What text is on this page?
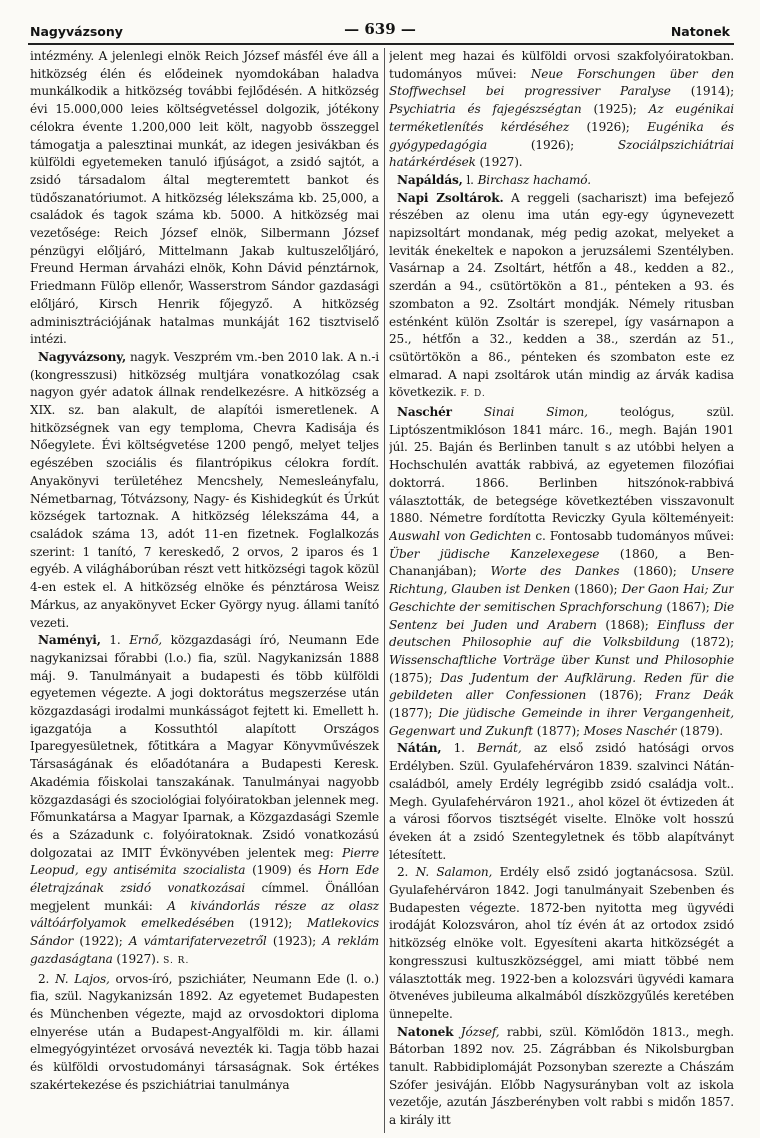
Nagyvázsony	— 639 —	Natonek

intézmény. A jelenlegi elnök Reich József másfél éve áll a hitközség élén és elődeinek nyomdokában haladva munkálkodik a hitközség további fejlődésén. A hitközség évi 15.000,000 leies költségvetéssel dolgozik, jótékony célokra évente 1.200,000 leit költ, nagyobb összeggel támogatja a palesztinai munkát, az idegen jesivákban és külföldi egyetemeken tanuló ifjúságot, a zsidó sajtót, a zsidó társadalom által megteremtett bankot és tüdőszanatóriumot. A hitközség lélekszáma kb. 25,000, a családok és tagok száma kb. 5000. A hitközség mai vezetősége: Reich József elnök, Silbermann József pénzügyi előljáró, Mittelmann Jakab kultuszelőljáró, Freund Herman árvaházi elnök, Kohn Dávid pénztárnok, Friedmann Fülöp ellenőr, Wasserstrom Sándor gazdasági előljáró, Kirsch Henrik főjegyző. A hitközség adminisztrációjának hatalmas munkáját 162 tisztviselő intézi.

Nagyvázsony, nagyk. Veszprém vm.-ben 2010 lak. A n.-i (kongresszusi) hitközség multjára vonatkozólag csak nagyon gyér adatok állnak rendelkezésre. A hitközség a XIX. sz. ban alakult, de alapítói ismeretlenek. A hitközségnek van egy temploma, Chevra Kadisája és Nőegylete. Évi költségvetése 1200 pengő, melyet teljes egészében szociális és filantrópikus célokra fordít. Anyakönyvi területéhez Mencshely, Nemesleányfalu, Németbarnag, Tótvázsony, Nagy- és Kishidegkút és Úrkút községek tartoznak. A hitközség lélekszáma 44, a családok száma 13, adót 11-en fizetnek. Foglalkozás szerint: 1 tanító, 7 kereskedő, 2 orvos, 2 iparos és 1 egyéb. A világháborúban részt vett hitközségi tagok közül 4-en estek el. A hitközség elnöke és pénztárosa Weisz Márkus, az anyakönyvet Ecker György nyug. állami tanító vezeti.

Naményi, 1. Ernő, közgazdasági író, Neumann Ede nagykanizsai főrabbi (l.o.) fia, szül. Nagykanizsán 1888 máj. 9. Tanulmányait a budapesti és több külföldi egyetemen végezte. A jogi doktorátus megszerzése után közgazdasági irodalmi munkásságot fejtett ki. Emellett h. igazgatója a Kossuthtól alapított Országos Iparegyesületnek, főtitkára a Magyar Könyvművészek Társaságának és előadótanára a Budapesti Keresk. Akadémia főiskolai tanszakának. Tanulmányai nagyobb közgazdasági és szociológiai folyóiratokban jelennek meg. Főmunkatársa a Magyar Iparnak, a Közgazdasági Szemle és a Századunk c. folyóiratoknak. Zsidó vonatkozású dolgozatai az IMIT Évkönyvében jelentek meg: Pierre Leopud, egy antisémita szocialista (1909) és Horn Ede életrajzának zsidó vonatkozásai címmel. Önállóan megjelent munkái: A kivándorlás része az olasz váltóárfolyamok emelkedésében (1912); Matlekovics Sándor (1922); A vámtarifatervezetről (1923); A reklám gazdaságtana (1927). S. R.

2. N. Lajos, orvos-író, pszichiáter, Neumann Ede (l. o.) fia, szül. Nagykanizsán 1892. Az egyetemet Budapesten és Münchenben végezte, majd az orvosdoktori diploma elnyerése után a Budapest-Angyalföldi m. kir. állami elmegyógyintézet orvosává nevezték ki. Tagja több hazai és külföldi orvostudományi társaságnak. Sok értékes szakértekezése és pszichiátriai tanulmánya

jelent meg hazai és külföldi orvosi szakfolyóiratokban. tudományos művei: Neue Forschungen über den Stoffwechsel bei progressiver Paralyse (1914); Psychiatria és fajegészségtan (1925); Az eugénikai terméketlenítés kérdéséhez (1926); Eugénika és gyógypedagógia (1926); Szociálpszichiátriai határkérdések (1927).

Napáldás, l. Birchasz hachamó.

Napi Zsoltárok. A reggeli (sachariszt) ima befejező részében az olenu ima után egy-egy úgynevezett napizsoltárt mondanak, még pedig azokat, melyeket a leviták énekeltek e napokon a jeruzsálemi Szentélyben. Vasárnap a 24. Zsoltárt, hétfőn a 48., kedden a 82., szerdán a 94., csütörtökön a 81., pénteken a 93. és szombaton a 92. Zsoltárt mondják. Némely ritusban esténként külön Zsoltár is szerepel, így vasárnapon a 25., hétfőn a 32., kedden a 38., szerdán az 51., csütörtökön a 86., pénteken és szombaton este ez elmarad. A napi zsoltárok után mindig az árvák kadisa következik. F. D.

Naschér Sinai Simon, teológus, szül. Liptószentmiklóson 1841 márc. 16., megh. Baján 1901 júl. 25. Baján és Berlinben tanult s az utóbbi helyen a Hochschulén avatták rabbivá, az egyetemen filozófiai doktorrá. 1866. Berlinben hitszónok-rabbivá választották, de betegsége következtében visszavonult 1880. Németre fordította Reviczky Gyula költeményeit: Auswahl von Gedichten c. Fontosabb tudományos művei: Über jüdische Kanzelexegese (1860, a Ben-Chananjában); Worte des Dankes (1860); Unsere Richtung, Glauben ist Denken (1860); Der Gaon Hai; Zur Geschichte der semitischen Sprachforschung (1867); Die Sentenz bei Juden und Arabern (1868); Einfluss der deutschen Philosophie auf die Volksbildung (1872); Wissenschaftliche Vorträge über Kunst und Philosophie (1875); Das Judentum der Aufklärung. Reden für die gebildeten aller Confessionen (1876); Franz Deák (1877); Die jüdische Gemeinde in ihrer Vergangenheit, Gegenwart und Zukunft (1877); Moses Naschér (1879).

Nátán, 1. Bernát, az első zsidó hatósági orvos Erdélyben. Szül. Gyulafehérváron 1839. szalvinci Nátán-családból, amely Erdély legrégibb zsidó családja volt.. Megh. Gyulafehérváron 1921., ahol közel öt évtizeden át a városi főorvos tisztségét viselte. Elnöke volt hosszú éveken át a zsidó Szentegyletnek és több alapítványt létesített.

2. N. Salamon, Erdély első zsidó jogtanácsosa. Szül. Gyulafehérváron 1842. Jogi tanulmányait Szebenben és Budapesten végezte. 1872-ben nyitotta meg ügyvédi irodáját Kolozsváron, ahol tíz évén át az ortodox zsidó hitközség elnöke volt. Egyesíteni akarta hitközségét a kongresszusi kultuszközséggel, ami miatt többé nem választották meg. 1922-ben a kolozsvári ügyvédi kamara ötvenéves jubileuma alkalmából díszközgyűlés keretében ünnepelte.

Natonek József, rabbi, szül. Kömlődön 1813., megh. Bátorban 1892 nov. 25. Zágrábban és Nikolsburgban tanult. Rabbidiplomáját Pozsonyban szerezte a Chászám Szófer jesiváján. Előbb Nagysurányban volt az iskola vezetője, azután Jászberényben volt rabbi s midőn 1857. a király itt
